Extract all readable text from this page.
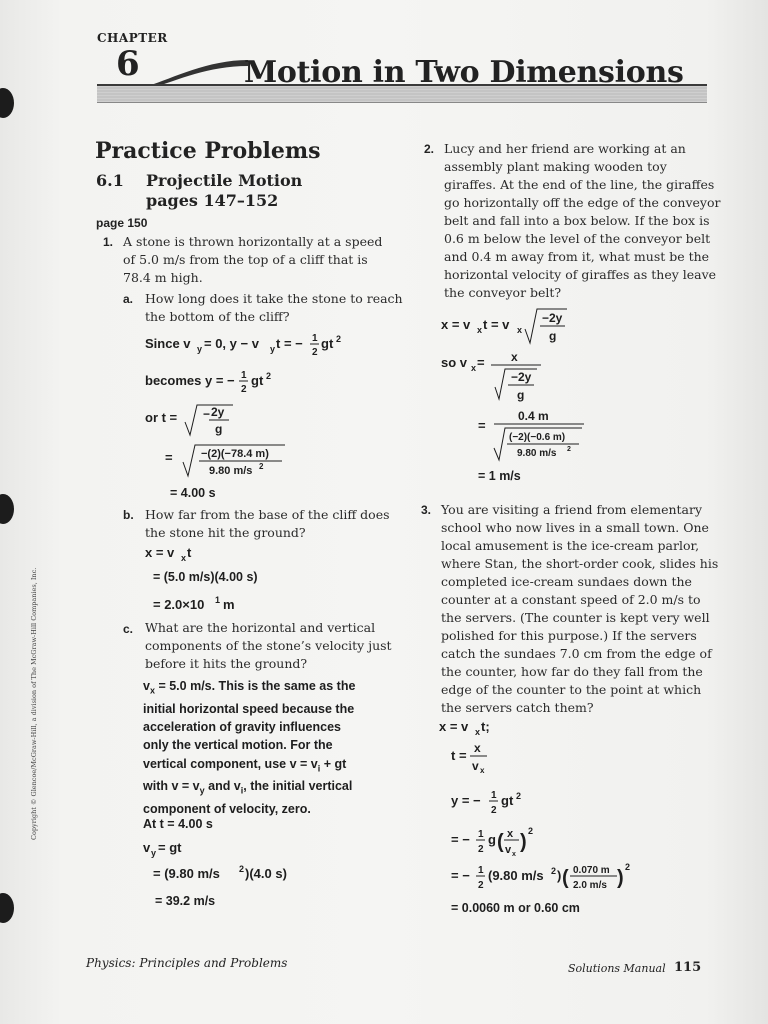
CHAPTER
6	Motion in Two Dimensions
Practice Problems
6.1 Projectile Motion
pages 147–152
page 150
1. A stone is thrown horizontally at a speed
of 5.0 m/s from the top of a cliff that is
78.4 m high.
a. How long does it take the stone to reach
the bottom of the cliff?
Since v y = 0, y − v y t = − 1
2
gt 2
becomes y = − 1
2
gt 2
or t = − 2y
g
=	−(2)(−78.4 m)
9.80 m/s 2
= 4.00 s
b. How far from the base of the cliff does
the stone hit the ground?
x = v x t
= (5.0 m/s)(4.00 s)
= 2.0×10 1 m
c. What are the horizontal and vertical
components of the stone’s velocity just
before it hits the ground?
$v_x = 5.0$ m/s. This is the same as the
initial horizontal speed because the
acceleration of gravity influences
only the vertical motion. For the
vertical component, use $v = v_i$ + gt
with $v = v_y$ and $v_i$, the initial vertical
component of velocity, zero.
At t = 4.00 s
v y = gt
= (9.80 m/s 2 )(4.0 s)
= 39.2 m/s
2. Lucy and her friend are working at an
assembly plant making wooden toy
giraffes. At the end of the line, the giraffes
go horizontally off the edge of the conveyor
belt and fall into a box below. If the box is
0.6 m below the level of the conveyor belt
and 0.4 m away from it, what must be the
horizontal velocity of giraffes as they leave
the conveyor belt?
x = v x t = v x
−2y
g
so v x = x
−2y
g
=
0.4 m
(−2)(−0.6 m)
9.80 m/s 2
= 1 m/s
3. You are visiting a friend from elementary
school who now lives in a small town. One
local amusement is the ice-cream parlor,
where Stan, the short-order cook, slides his
completed ice-cream sundaes down the
counter at a constant speed of 2.0 m/s to
the servers. (The counter is kept very well
polished for this purpose.) If the servers
catch the sundaes 7.0 cm from the edge of
the counter, how far do they fall from the
edge of the counter to the point at which
the servers catch them?
x = v x t;
t = x
v x
y = − 1
2
gt 2
= − 1
2
g ( x
v x
) 2
= − 1
2
(9.80 m/s 2 ) ( 0.070 m
2.0 m/s ) 2
= 0.0060 m or 0.60 cm
Copyright © Glencoe/McGraw-Hill, a division of The McGraw-Hill Companies, Inc.
Physics: Principles and Problems	Solutions Manual 115
